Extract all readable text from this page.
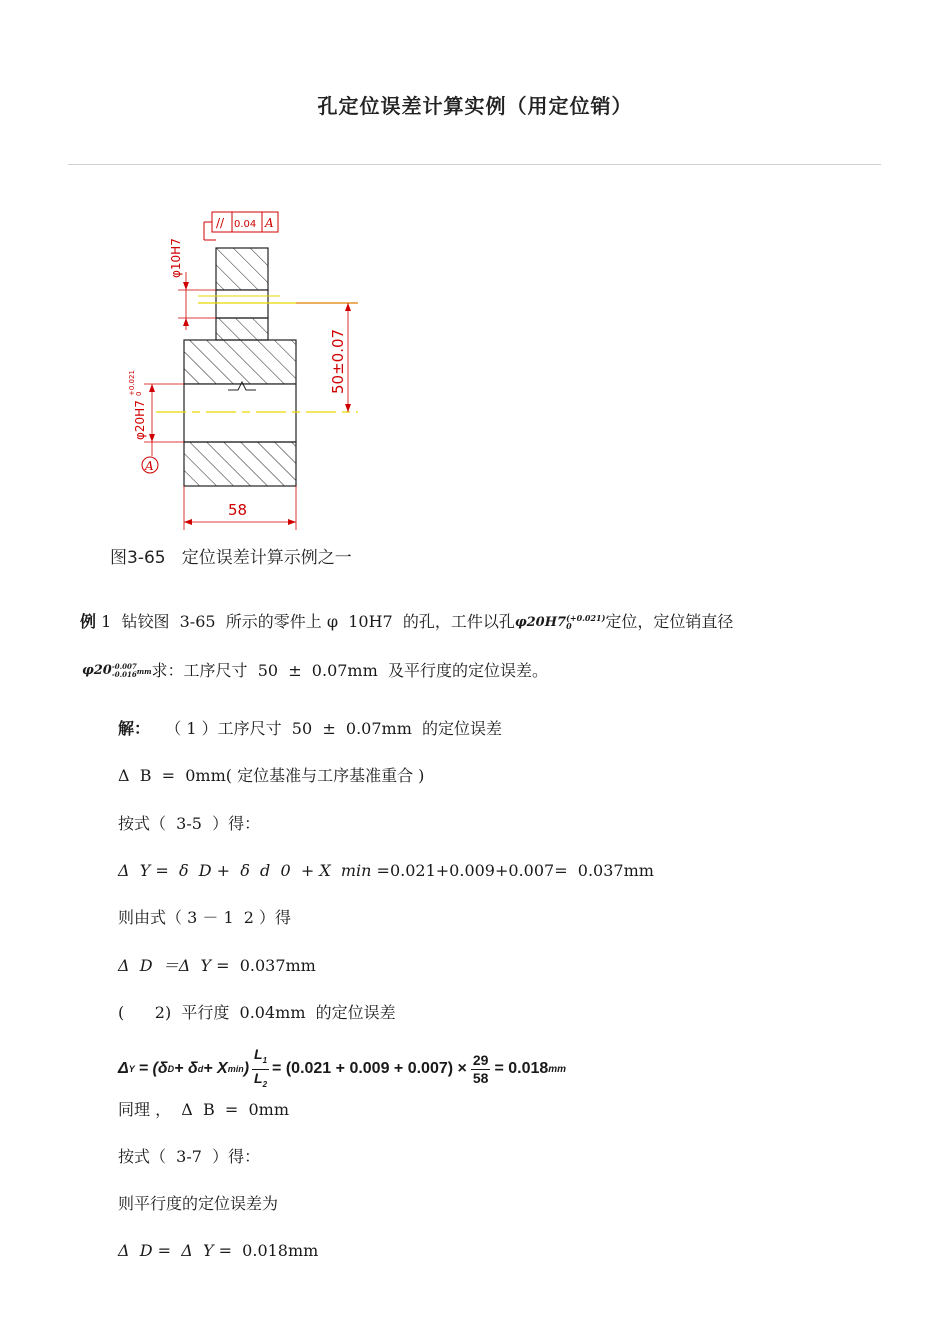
孔定位误差计算实例（用定位销）
// 0.04 A
φ10H7
φ20H7
+0.021 0
A
50±0.07
58
图3-65   定位误差计算示例之一
例 1  钻铰图  3-65  所示的零件上 φ  10H7  的孔，工件以孔φ20H7(+0.021)
0 定位，定位销直径
φ20-0.007
-0.016mm求：工序尺寸  50  ±  0.07mm  及平行度的定位误差。
解：   （ 1 ）工序尺寸  50  ±  0.07mm  的定位误差
Δ  B  =  0mm( 定位基准与工序基准重合 )
按式（  3-5  ）得：
Δ  Y =  δ  D +  δ  d  0  + X  min =0.021+0.009+0.007=  0.037mm
则由式（ 3 － 1  2 ）得
Δ  D  ＝Δ  Y =  0.037mm
(      2)  平行度  0.04mm  的定位误差
Δ Y = (δ D + δ d + X min ) $\frac{L_1}{L_2} = (0.021 + 0.009 + 0.007) \times \frac{29}{58} = 0.018$ mm
同理 ，  Δ  B  =  0mm
按式（  3-7  ）得：
则平行度的定位误差为
Δ  D =  Δ  Y =  0.018mm
